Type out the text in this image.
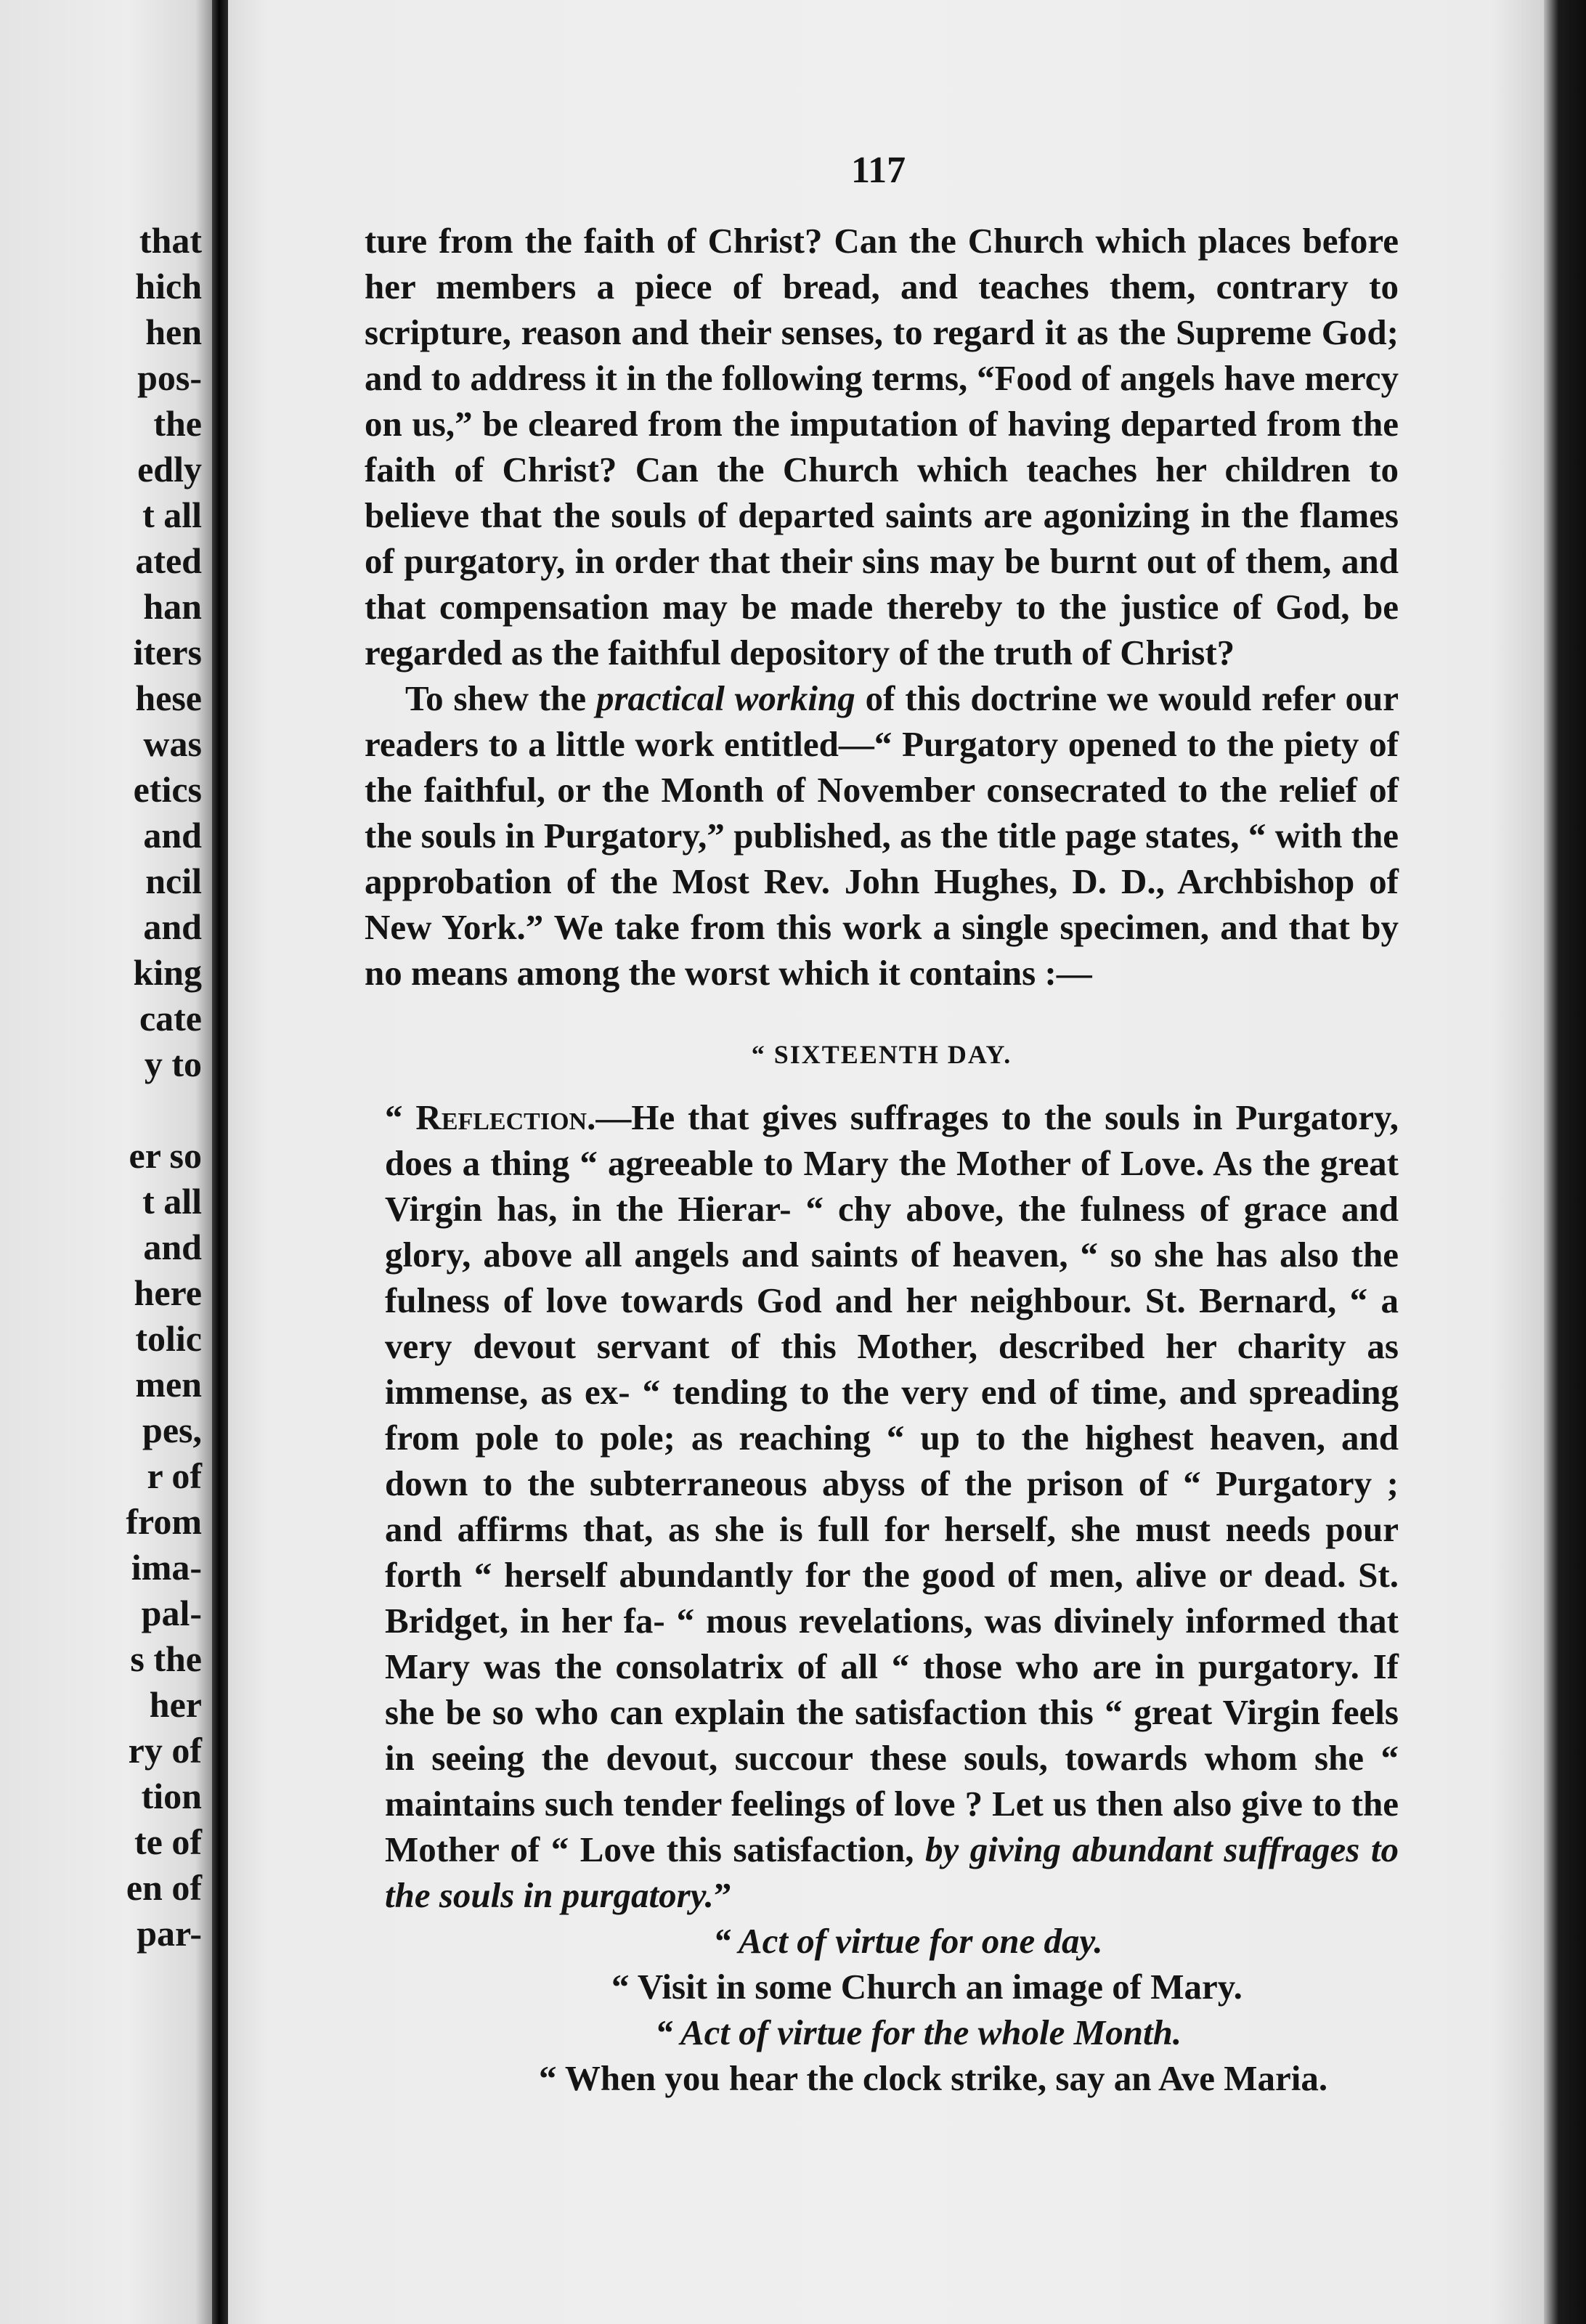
that
hich
hen
pos-
the
edly
t all
ated
han
iters
hese
was
etics
and
ncil
and
king
cate
y to
er so
t all
and
here
tolic
men
pes,
r of
from
ima-
pal-
s the
her
ry of
tion
te of
en of
par-
117

ture from the faith of Christ? Can the Church which places before her members a piece of bread, and teaches them, contrary to scripture, reason and their senses, to regard it as the Supreme God; and to address it in the following terms, “Food of angels have mercy on us,” be cleared from the imputation of having departed from the faith of Christ? Can the Church which teaches her children to believe that the souls of departed saints are agonizing in the flames of purgatory, in order that their sins may be burnt out of them, and that compensation may be made thereby to the justice of God, be regarded as the faithful depository of the truth of Christ?

To shew the practical working of this doctrine we would refer our readers to a little work entitled—“ Purgatory opened to the piety of the faithful, or the Month of November consecrated to the relief of the souls in Purgatory,” published, as the title page states, “ with the approbation of the Most Rev. John Hughes, D. D., Archbishop of New York.” We take from this work a single specimen, and that by no means among the worst which it contains :—

“ SIXTEENTH DAY.

“ Reflection.—He that gives suffrages to the souls in Purgatory, does a thing “ agreeable to Mary the Mother of Love. As the great Virgin has, in the Hierar- “ chy above, the fulness of grace and glory, above all angels and saints of heaven, “ so she has also the fulness of love towards God and her neighbour. St. Bernard, “ a very devout servant of this Mother, described her charity as immense, as ex- “ tending to the very end of time, and spreading from pole to pole; as reaching “ up to the highest heaven, and down to the subterraneous abyss of the prison of “ Purgatory ; and affirms that, as she is full for herself, she must needs pour forth “ herself abundantly for the good of men, alive or dead. St. Bridget, in her fa- “ mous revelations, was divinely informed that Mary was the consolatrix of all “ those who are in purgatory. If she be so who can explain the satisfaction this “ great Virgin feels in seeing the devout, succour these souls, towards whom she “ maintains such tender feelings of love ? Let us then also give to the Mother of “ Love this satisfaction, by giving abundant suffrages to the souls in purgatory.”

“ Act of virtue for one day.

“ Visit in some Church an image of Mary.

“ Act of virtue for the whole Month.

“ When you hear the clock strike, say an Ave Maria.
